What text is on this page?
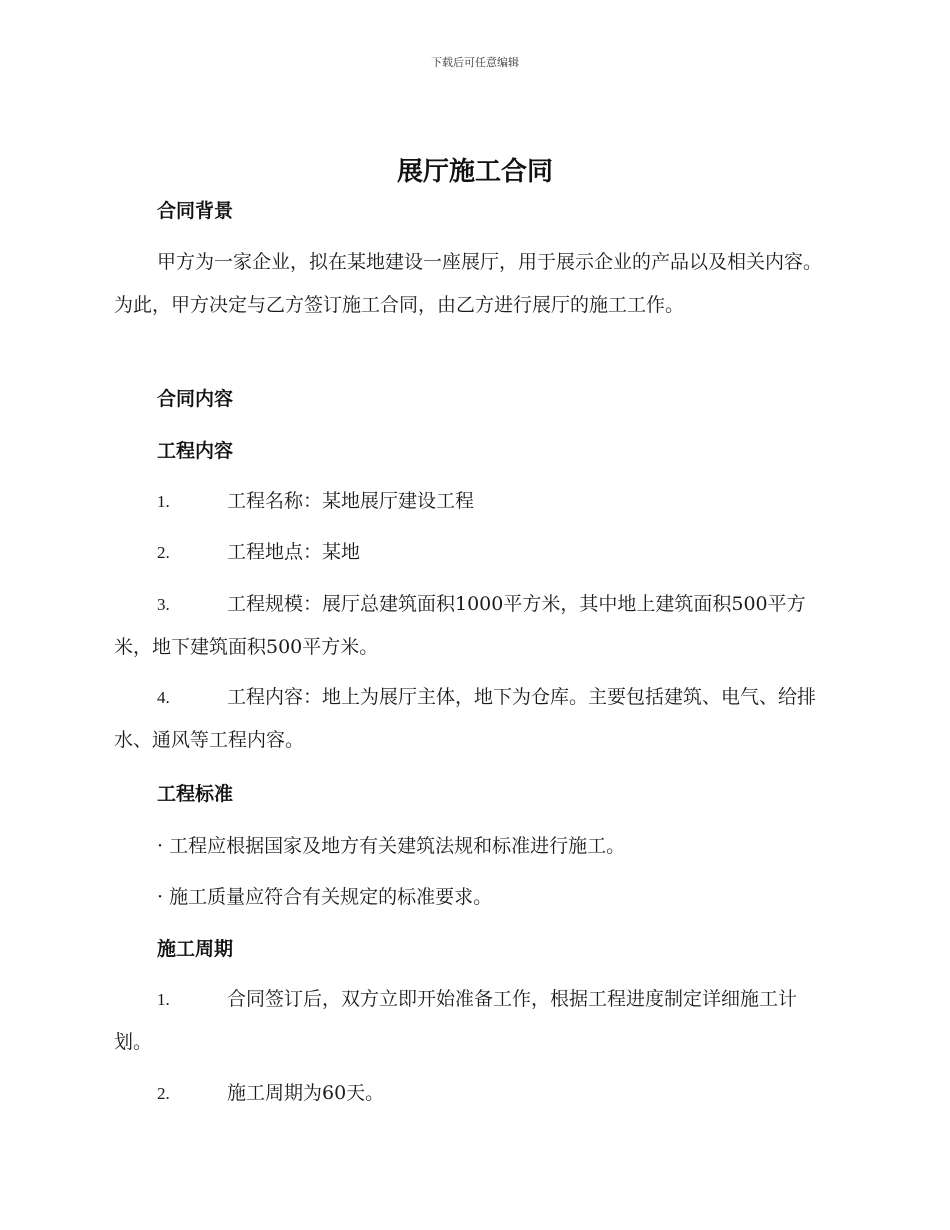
下载后可任意编辑
展厅施工合同
合同背景

甲方为一家企业，拟在某地建设一座展厅，用于展示企业的产品以及相关内容。为此，甲方决定与乙方签订施工合同，由乙方进行展厅的施工工作。

合同内容
工程内容

1.	工程名称：某地展厅建设工程

2.	工程地点：某地

3.	工程规模：展厅总建筑面积1000平方米，其中地上建筑面积500平方米，地下建筑面积500平方米。

4.	工程内容：地上为展厅主体，地下为仓库。主要包括建筑、电气、给排水、通风等工程内容。

工程标准
· 工程应根据国家及地方有关建筑法规和标准进行施工。
· 施工质量应符合有关规定的标准要求。
施工周期

1.	合同签订后，双方立即开始准备工作，根据工程进度制定详细施工计划。

2.	施工周期为60天。
